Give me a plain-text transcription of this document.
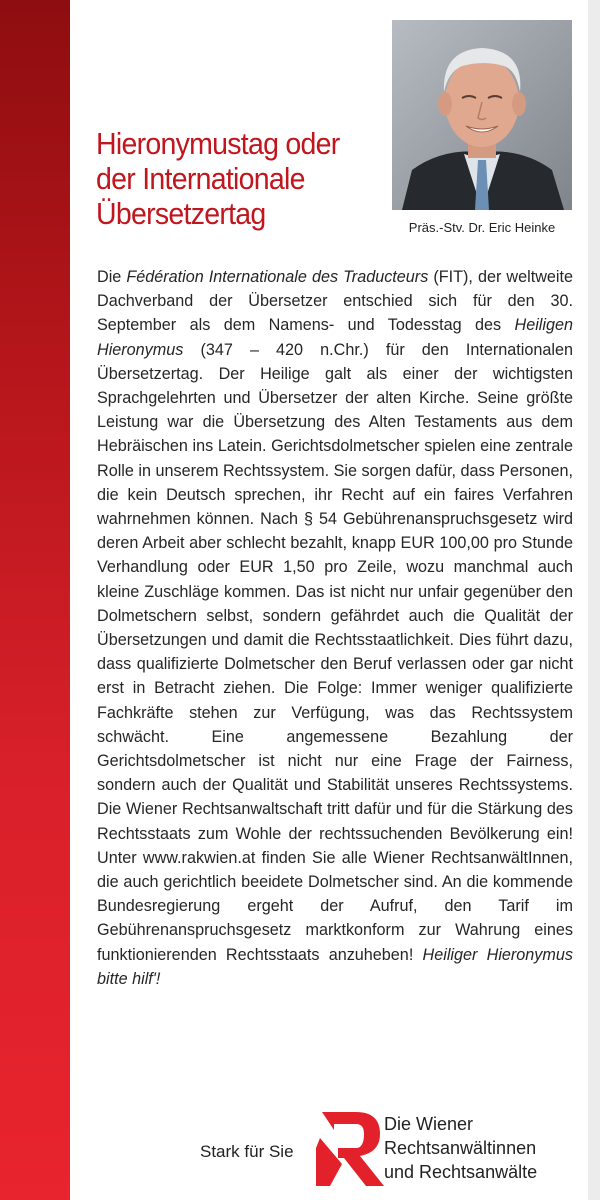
Hieronymustag oder der Internationale Übersetzertag	Präs.-Stv. Dr. Eric Heinke

Die Fédération Internationale des Traducteurs (FIT), der weltweite Dachverband der Übersetzer entschied sich für den 30. September als dem Namens- und Todesstag des Heiligen Hieronymus (347 – 420 n.Chr.) für den Internationalen Übersetzertag. Der Heilige galt als einer der wichtigsten Sprachgelehrten und Übersetzer der alten Kirche. Seine größte Leistung war die Übersetzung des Alten Testaments aus dem Hebräischen ins Latein. Gerichtsdolmetscher spielen eine zentrale Rolle in unserem Rechtssystem. Sie sorgen dafür, dass Personen, die kein Deutsch sprechen, ihr Recht auf ein faires Verfahren wahrnehmen können. Nach § 54 Gebührenanspruchsgesetz wird deren Arbeit aber schlecht bezahlt, knapp EUR 100,00 pro Stunde Verhandlung oder EUR 1,50 pro Zeile, wozu manchmal auch kleine Zuschläge kommen. Das ist nicht nur unfair gegenüber den Dolmetschern selbst, sondern gefährdet auch die Qualität der Übersetzungen und damit die Rechtsstaatlichkeit. Dies führt dazu, dass qualifizierte Dolmetscher den Beruf verlassen oder gar nicht erst in Betracht ziehen. Die Folge: Immer weniger qualifizierte Fachkräfte stehen zur Verfügung, was das Rechtssystem schwächt. Eine angemessene Bezahlung der Gerichtsdolmetscher ist nicht nur eine Frage der Fairness, sondern auch der Qualität und Stabilität unseres Rechtssystems. Die Wiener Rechtsanwaltschaft tritt dafür und für die Stärkung des Rechtsstaats zum Wohle der rechtssuchenden Bevölkerung ein! Unter www.rakwien.at finden Sie alle Wiener RechtsanwältInnen, die auch gerichtlich beeidete Dolmetscher sind. An die kommende Bundesregierung ergeht der Aufruf, den Tarif im Gebührenanspruchsgesetz marktkonform zur Wahrung eines funktionierenden Rechtsstaats anzuheben! Heiliger Hieronymus bitte hilf'!

Stark für Sie
Die Wiener
Rechtsanwältinnen
und Rechtsanwälte
